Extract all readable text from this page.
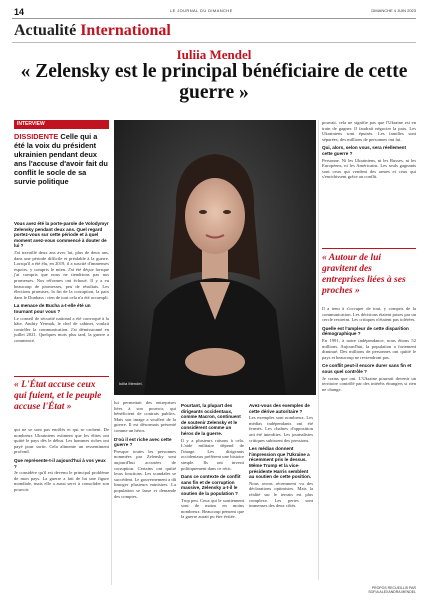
14	LE JOURNAL DU DIMANCHE	DIMANCHE 4 JUIN 2023
Actualité International
Iuliia Mendel
« Zelensky est le principal bénéficiaire de cette guerre »
INTERVIEW
DISSIDENTE Celle qui a été la voix du président ukrainien pendant deux ans l'accuse d'avoir fait du conflit le socle de sa survie politique
Vous avez été la porte-parole de Volodymyr Zelensky pendant deux ans. Quel regard portez-vous sur cette période et à quel moment avez-vous commencé à douter de lui ?
J'ai travaillé deux ans avec lui, plus de deux ans, dans une période difficile et préalable à la guerre. Lorsqu'il a été élu, en 2019, il a suscité d'immenses espoirs, y compris le mien. J'ai été déçue lorsque j'ai compris que nous ne tiendrions pas nos promesses. Nos réformes ont échoué. Il y a eu beaucoup de promesses, peu de résultats. Les élections promises, la fin de la corruption, la paix dans le Donbass : rien de tout cela n'a été accompli.
La menace de Bucha a-t-elle été un tournant pour vous ?
Le conseil de sécurité national a été convoqué à la hâte. Andriy Yermak, le chef de cabinet, voulait contrôler la communication. J'ai démissionné en juillet 2021. Quelques mois plus tard, la guerre a commencé.
« L'État accuse ceux qui fuient, et le peuple accuse l'État »
qui ne se sont pas enrôlés et qui se cachent. De nombreux Ukrainiens estiment que les élites ont quitté le pays dès le début. Les hommes riches ont payé pour sortir. Cela alimente un ressentiment profond.
Que représente-t-il aujourd'hui à vos yeux ?
Je considère qu'il est devenu le principal problème de mon pays. La guerre a fait de lui une figure mondiale, mais elle a aussi servi à consolider son pouvoir.
Iuliia Mendel.
lui permettait des entreprises liées à son pouvoir, qui bénéficient de contrats publics. Mais son image a souffert de la guerre. Il est désormais présenté comme un héros.
D'où il est riche avec cette guerre ?
Presque toutes les personnes nommées par Zelensky sont aujourd'hui accusées de corruption. Certains ont quitté leurs fonctions. Les scandales se succèdent. Le gouvernement a dû limoger plusieurs ministres. La population se lasse et demande des comptes.
Pourtant, la plupart des dirigeants occidentaux, comme Macron, continuent de soutenir Zelensky et le considèrent comme un héros de la guerre.
Il y a plusieurs raisons à cela. L'aide militaire dépend de l'image. Les dirigeants occidentaux préfèrent une histoire simple. Ils ont investi politiquement dans ce récit.
Dans ce contexte de conflit sans fin et de corruption massive, Zelensky a-t-il le soutien de la population ?
Trop peu. Ceux qui le soutiennent sont de moins en moins nombreux. Beaucoup pensent que la guerre aurait pu être évitée.
Avez-vous des exemples de cette dérive autoritaire ?
Les exemples sont nombreux. Les médias indépendants ont été fermés. Les chaînes d'opposition ont été interdites. Les journalistes critiques subissent des pressions.
Les médias donnent l'impression que l'Ukraine a récemment pris le dessus. Même Trump et la vice-présidente Harris semblent au soutien de cette position.
Nous avons récemment vu des déclarations optimistes. Mais la réalité sur le terrain est plus complexe. Les pertes sont immenses des deux côtés.
pouvait, cela ne signifie pas que l'Ukraine est en train de gagner. Il faudrait négocier la paix. Les Ukrainiens sont épuisés. Les familles sont séparées, des millions de personnes ont fui.
Qui, alors, selon vous, sera réellement cette guerre ?
Personne. Ni les Ukrainiens, ni les Russes, ni les Européens, ni les Américains. Les seuls gagnants sont ceux qui vendent des armes et ceux qui s'enrichissent grâce au conflit.
« Autour de lui gravitent des entreprises liées à ses proches »
Il a tenu à s'occuper de tout, y compris de la communication. Les décisions étaient prises par un cercle restreint. Les critiques n'étaient pas tolérées.
Quelle est l'ampleur de cette disparition démographique ?
En 1991, à notre indépendance, nous étions 52 millions. Aujourd'hui, la population a fortement diminué. Des millions de personnes ont quitté le pays et beaucoup ne reviendront pas.
Ce conflit peut-il encore durer sans fin et sous quel contrôle ?
Je crains que oui. L'Ukraine pourrait devenir un territoire contrôlé par des intérêts étrangers si rien ne change.
PROPOS RECUEILLIS PAR
SOFIA ALEXANDRA MENDEL
